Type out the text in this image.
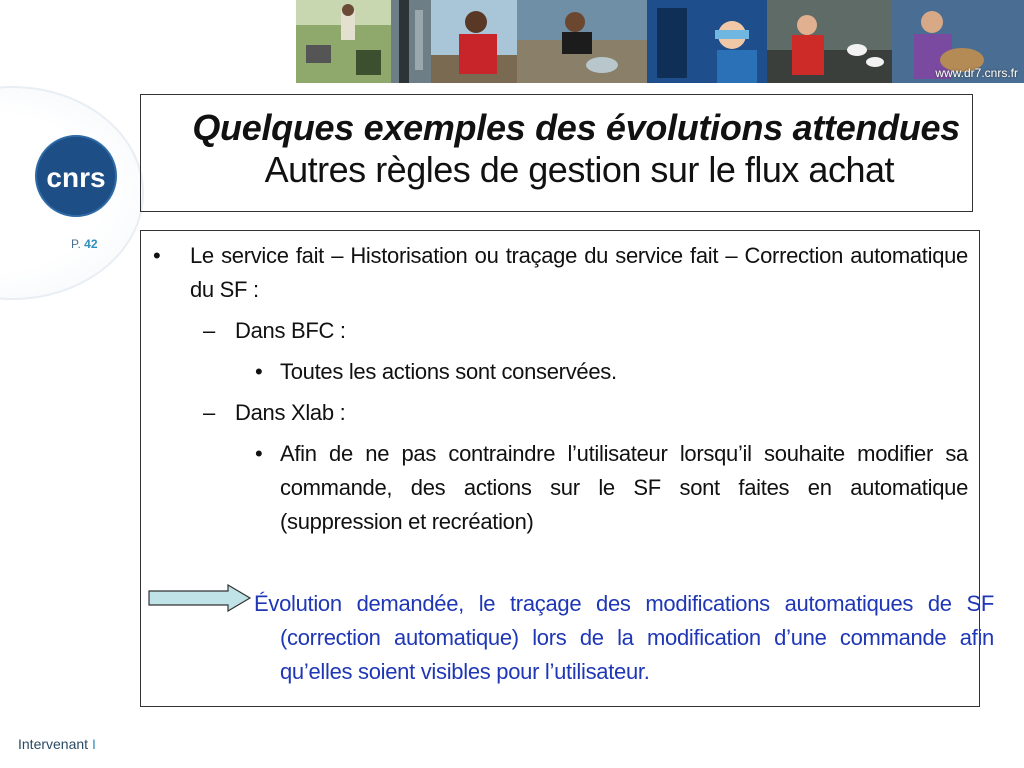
www.dr7.cnrs.fr
cnrs
P. 42
Quelques exemples des évolutions attendues
Autres règles de gestion sur le flux achat
• Le service fait – Historisation ou traçage du service fait – Correction automatique du SF :
– Dans BFC :
• Toutes les actions sont conservées.
– Dans Xlab :
• Afin de ne pas contraindre l’utilisateur lorsqu’il souhaite modifier sa commande, des actions sur le SF sont faites en automatique (suppression et recréation)
Évolution demandée, le traçage des modifications automatiques de SF (correction automatique) lors de la modification d’une commande afin qu’elles soient visibles pour l’utilisateur.
Intervenant I
